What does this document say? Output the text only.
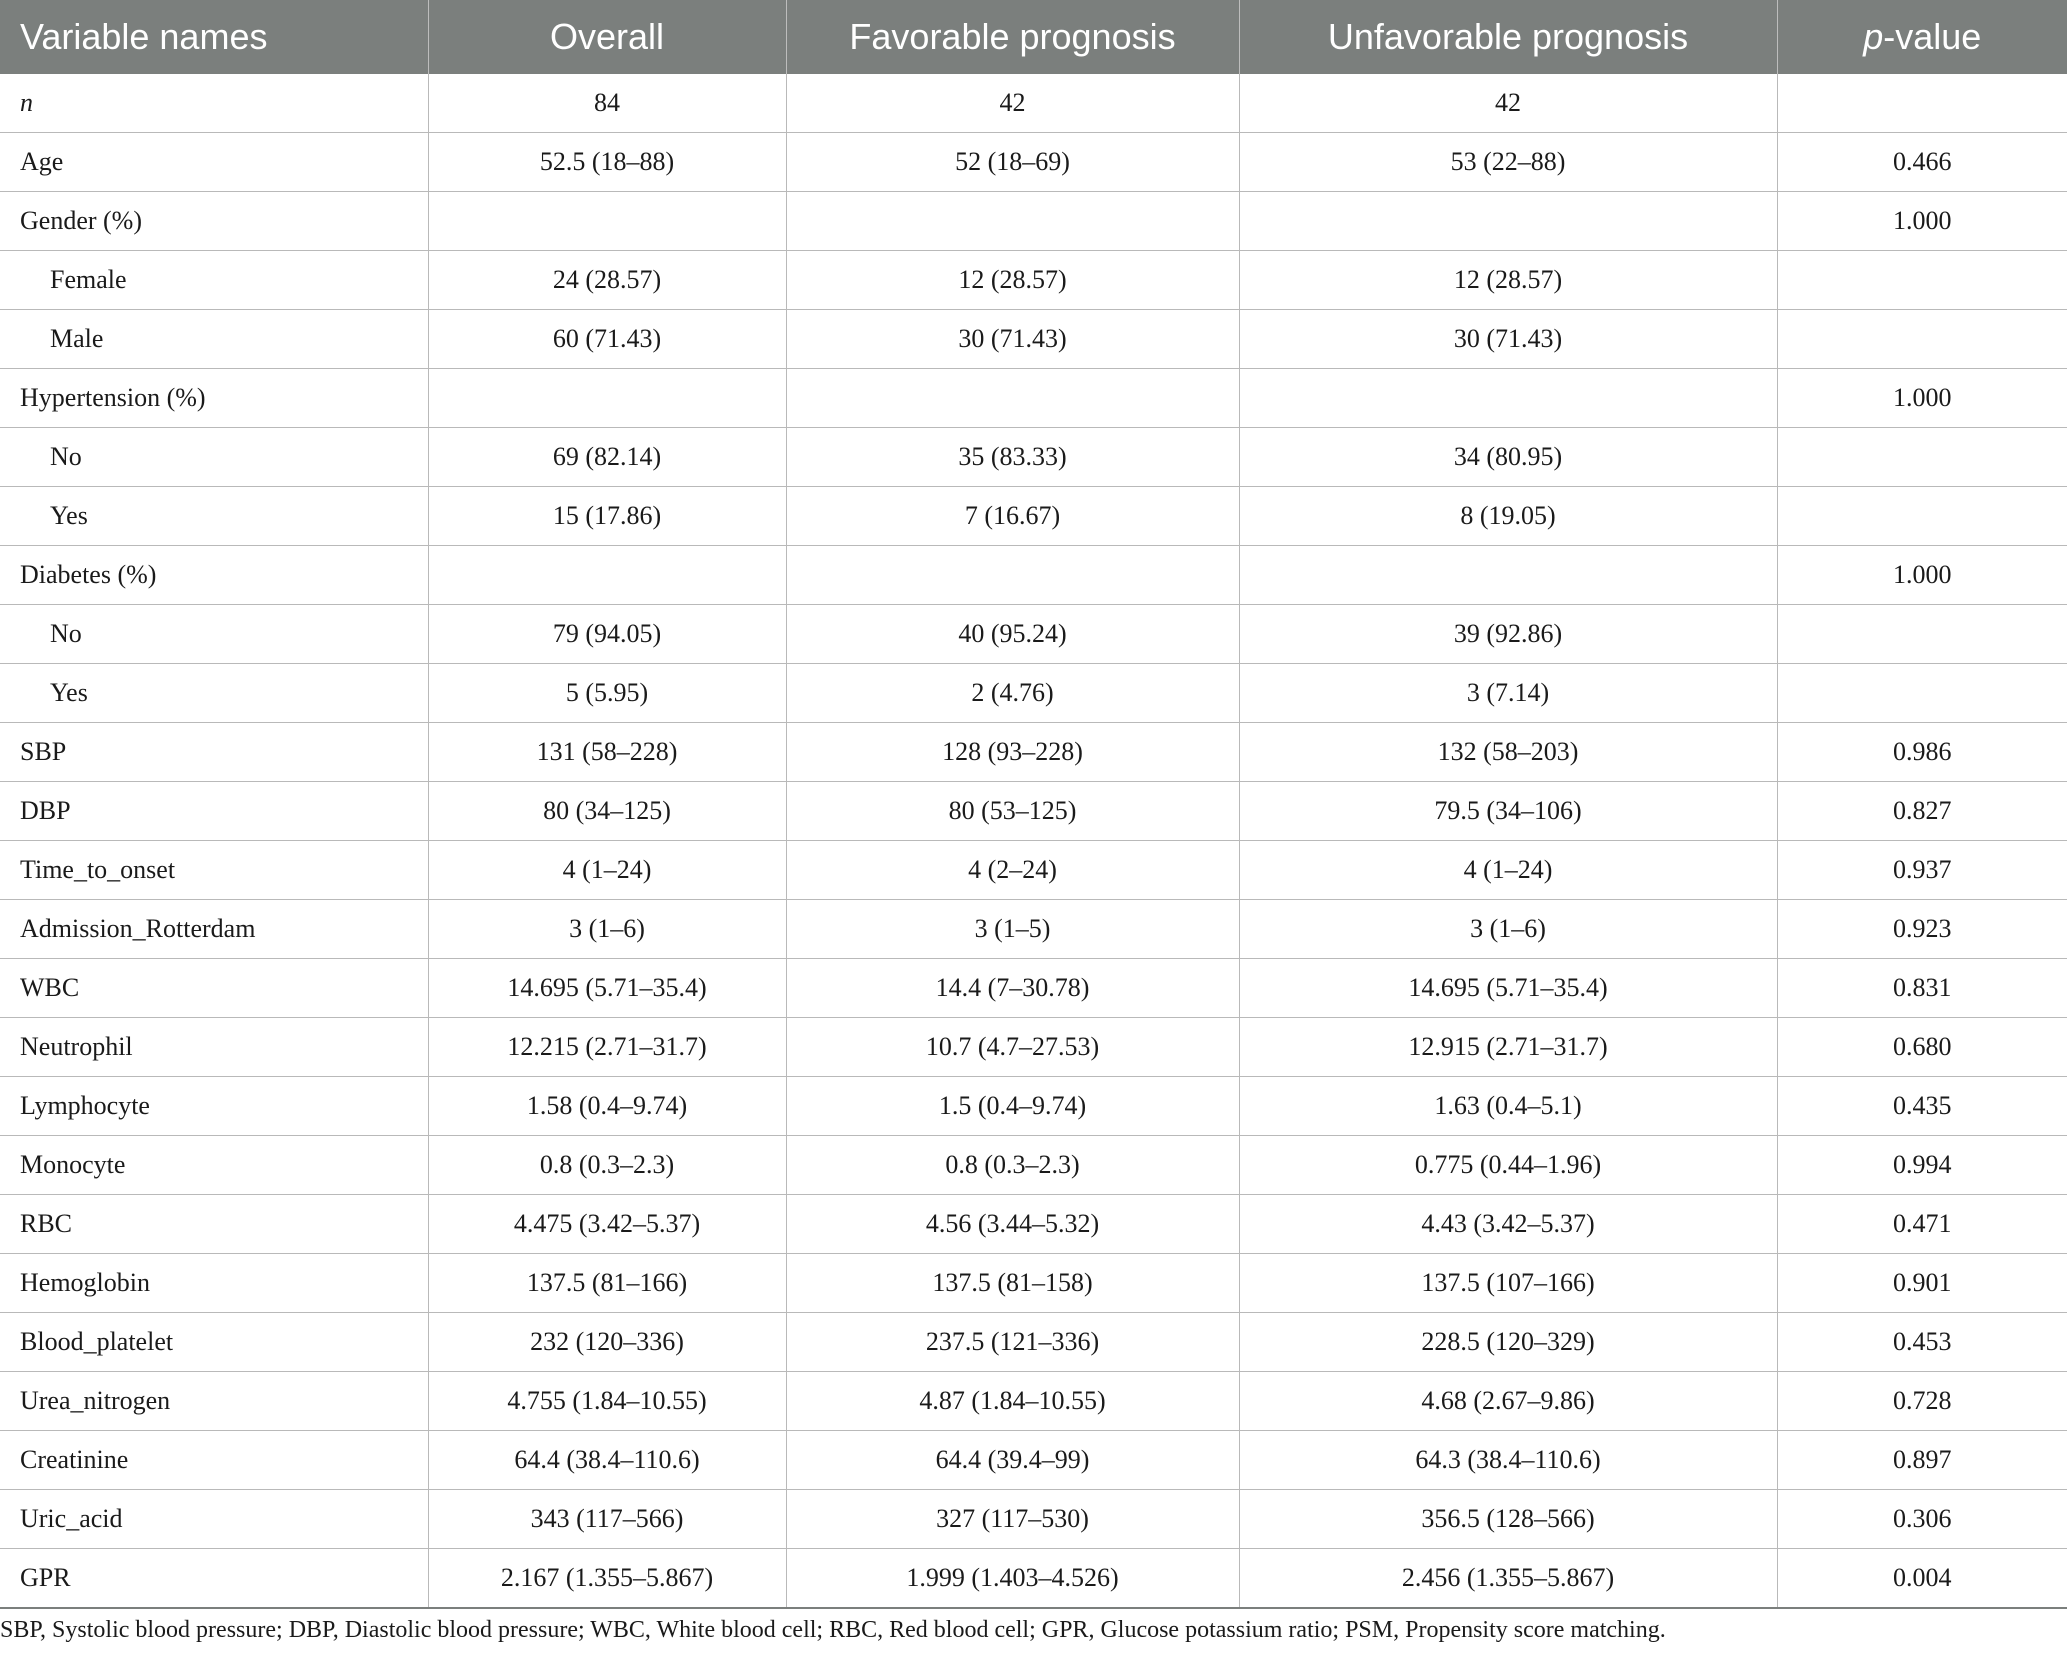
Variable names	Overall	Favorable prognosis	Unfavorable prognosis	p-value
n	84	42	42	
Age	52.5 (18–88)	52 (18–69)	53 (22–88)	0.466
Gender (%)				1.000
Female	24 (28.57)	12 (28.57)	12 (28.57)	
Male	60 (71.43)	30 (71.43)	30 (71.43)	
Hypertension (%)				1.000
No	69 (82.14)	35 (83.33)	34 (80.95)	
Yes	15 (17.86)	7 (16.67)	8 (19.05)	
Diabetes (%)				1.000
No	79 (94.05)	40 (95.24)	39 (92.86)	
Yes	5 (5.95)	2 (4.76)	3 (7.14)	
SBP	131 (58–228)	128 (93–228)	132 (58–203)	0.986
DBP	80 (34–125)	80 (53–125)	79.5 (34–106)	0.827
Time_to_onset	4 (1–24)	4 (2–24)	4 (1–24)	0.937
Admission_Rotterdam	3 (1–6)	3 (1–5)	3 (1–6)	0.923
WBC	14.695 (5.71–35.4)	14.4 (7–30.78)	14.695 (5.71–35.4)	0.831
Neutrophil	12.215 (2.71–31.7)	10.7 (4.7–27.53)	12.915 (2.71–31.7)	0.680
Lymphocyte	1.58 (0.4–9.74)	1.5 (0.4–9.74)	1.63 (0.4–5.1)	0.435
Monocyte	0.8 (0.3–2.3)	0.8 (0.3–2.3)	0.775 (0.44–1.96)	0.994
RBC	4.475 (3.42–5.37)	4.56 (3.44–5.32)	4.43 (3.42–5.37)	0.471
Hemoglobin	137.5 (81–166)	137.5 (81–158)	137.5 (107–166)	0.901
Blood_platelet	232 (120–336)	237.5 (121–336)	228.5 (120–329)	0.453
Urea_nitrogen	4.755 (1.84–10.55)	4.87 (1.84–10.55)	4.68 (2.67–9.86)	0.728
Creatinine	64.4 (38.4–110.6)	64.4 (39.4–99)	64.3 (38.4–110.6)	0.897
Uric_acid	343 (117–566)	327 (117–530)	356.5 (128–566)	0.306
GPR	2.167 (1.355–5.867)	1.999 (1.403–4.526)	2.456 (1.355–5.867)	0.004
SBP, Systolic blood pressure; DBP, Diastolic blood pressure; WBC, White blood cell; RBC, Red blood cell; GPR, Glucose potassium ratio; PSM, Propensity score matching.
